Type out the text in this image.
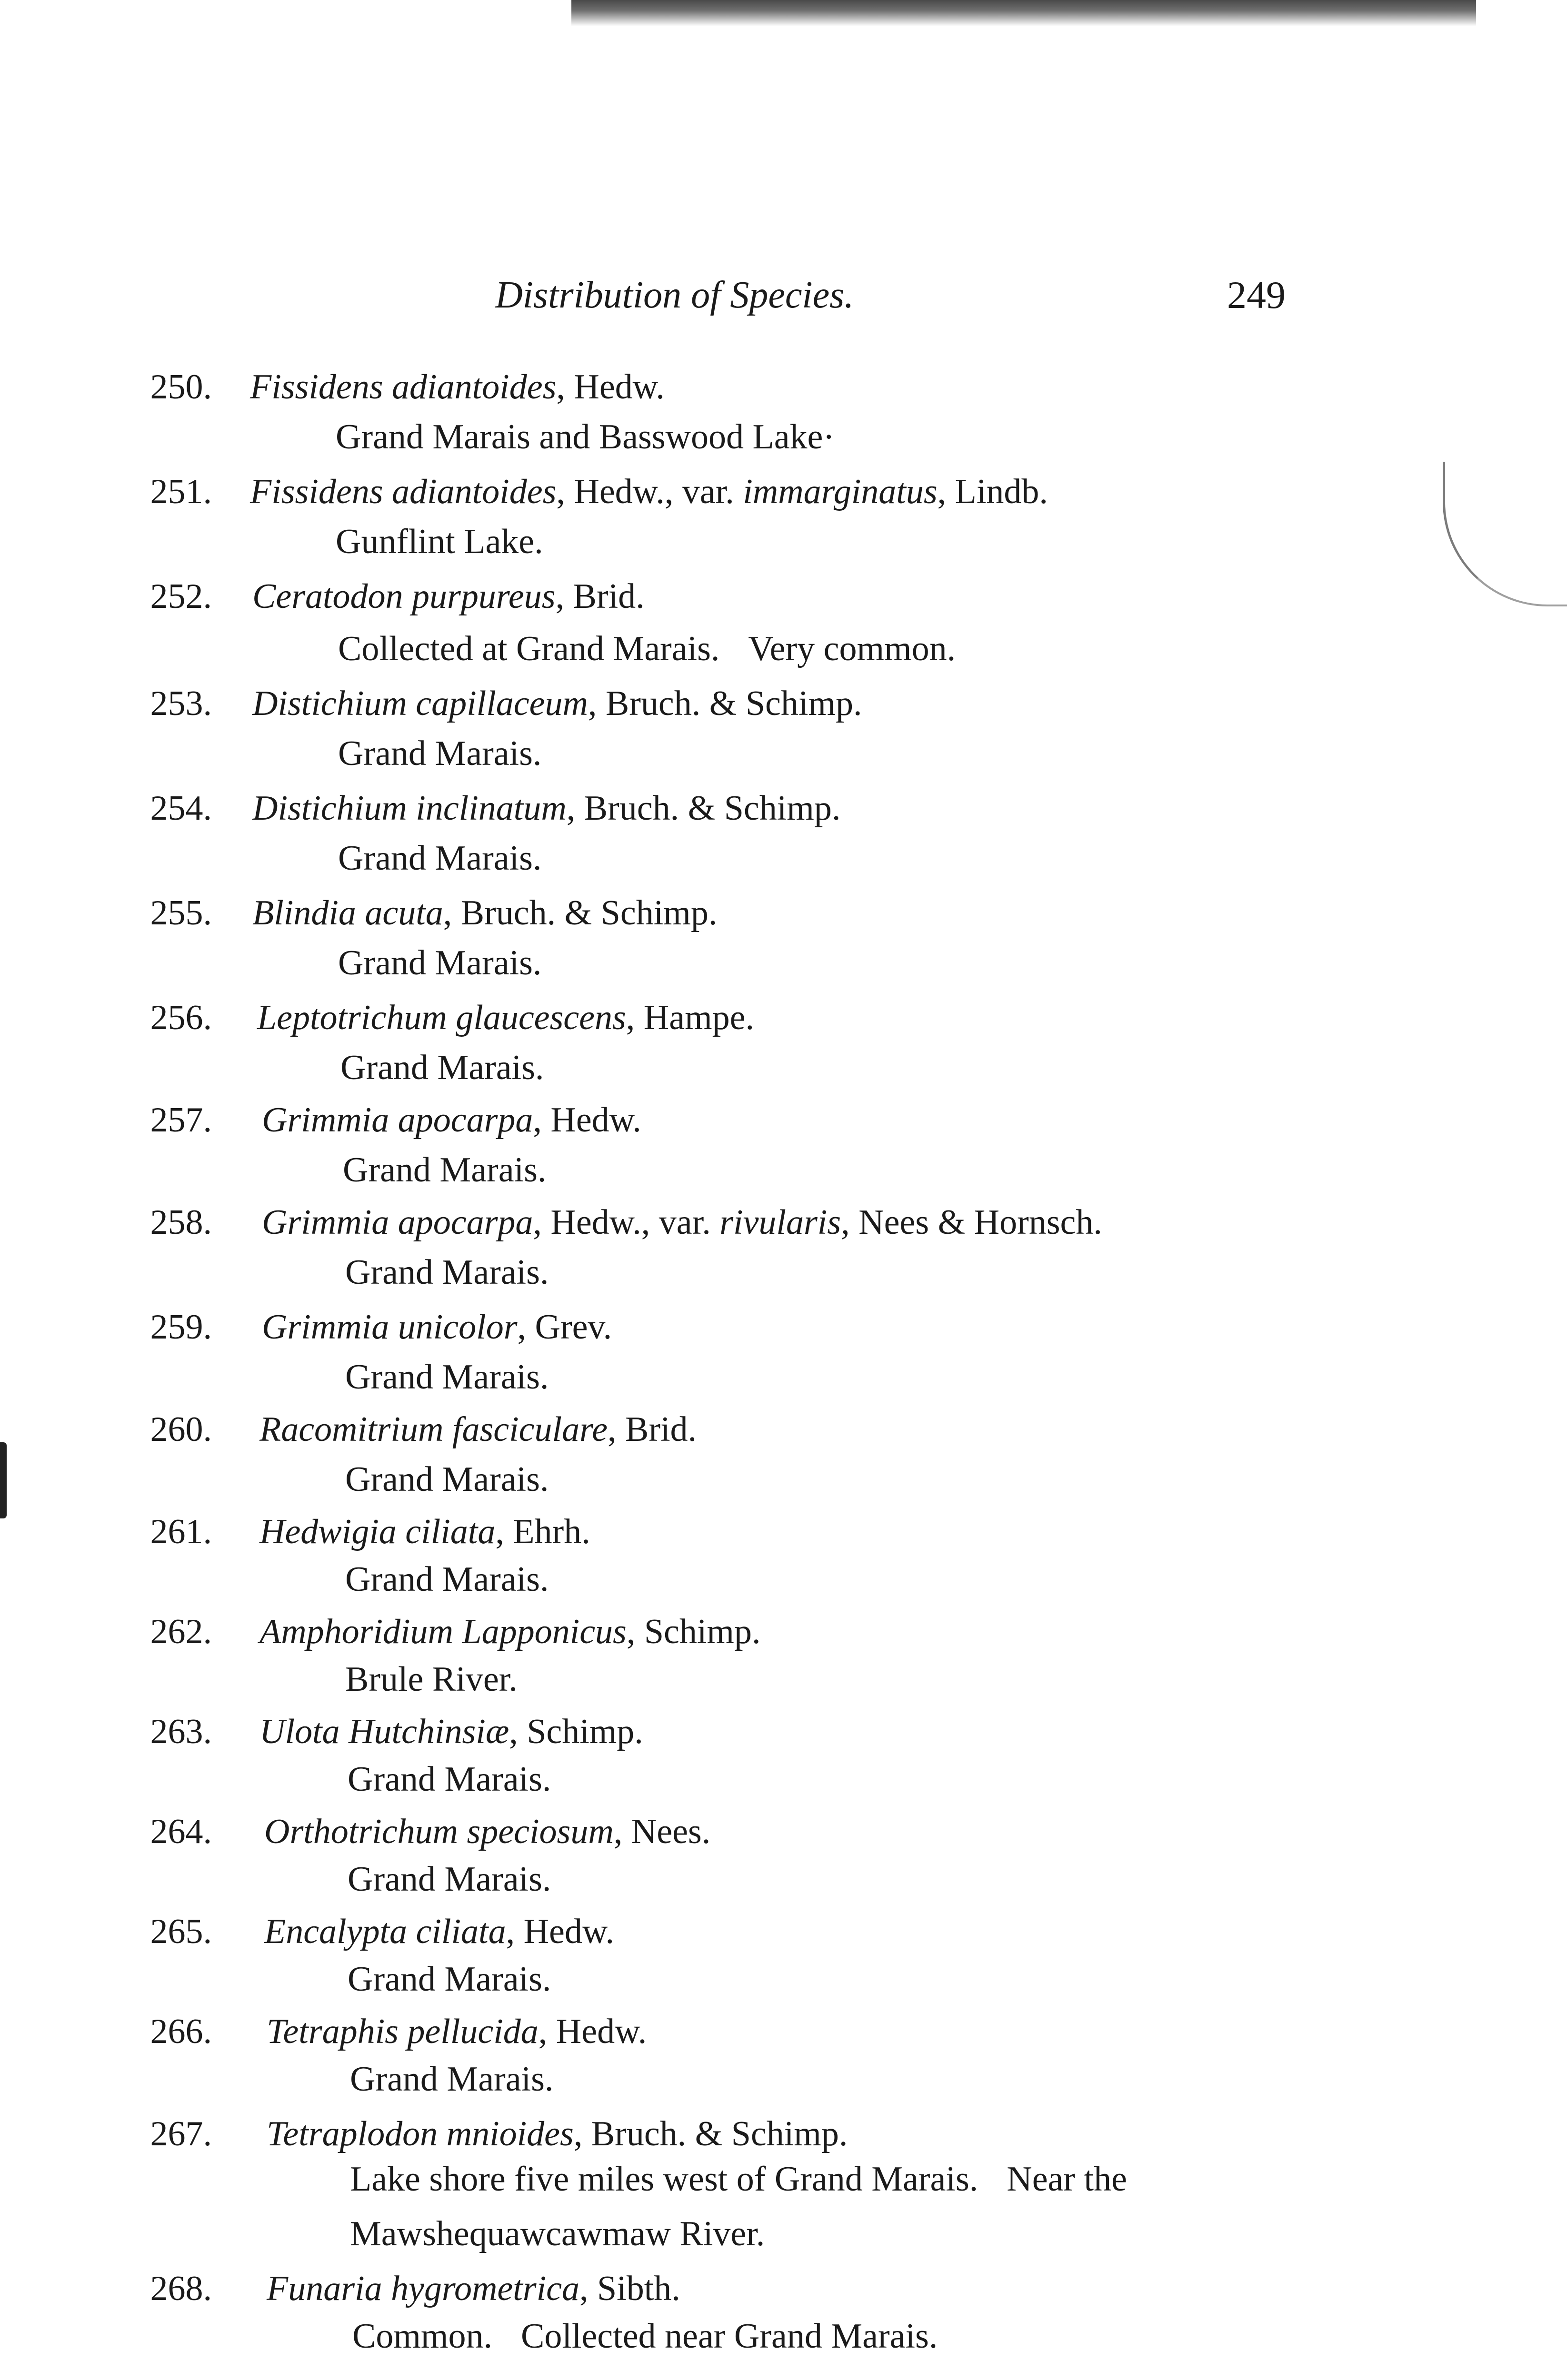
Distribution of Species.	249
250. Fissidens adiantoides, Hedw.
Grand Marais and Basswood Lake·
251. Fissidens adiantoides, Hedw., var. immarginatus, Lindb.
Gunflint Lake.
252. Ceratodon purpureus, Brid.
Collected at Grand Marais. Very common.
253. Distichium capillaceum, Bruch. & Schimp.
Grand Marais.
254. Distichium inclinatum, Bruch. & Schimp.
Grand Marais.
255. Blindia acuta, Bruch. & Schimp.
Grand Marais.
256. Leptotrichum glaucescens, Hampe.
Grand Marais.
257. Grimmia apocarpa, Hedw.
Grand Marais.
258. Grimmia apocarpa, Hedw., var. rivularis, Nees & Hornsch.
Grand Marais.
259. Grimmia unicolor, Grev.
Grand Marais.
260. Racomitrium fasciculare, Brid.
Grand Marais.
261. Hedwigia ciliata, Ehrh.
Grand Marais.
262. Amphoridium Lapponicus, Schimp.
Brule River.
263. Ulota Hutchinsiæ, Schimp.
Grand Marais.
264. Orthotrichum speciosum, Nees.
Grand Marais.
265. Encalypta ciliata, Hedw.
Grand Marais.
266. Tetraphis pellucida, Hedw.
Grand Marais.
267. Tetraplodon mnioides, Bruch. & Schimp.
Lake shore five miles west of Grand Marais. Near the
Mawshequawcawmaw River.
268. Funaria hygrometrica, Sibth.
Common. Collected near Grand Marais.
